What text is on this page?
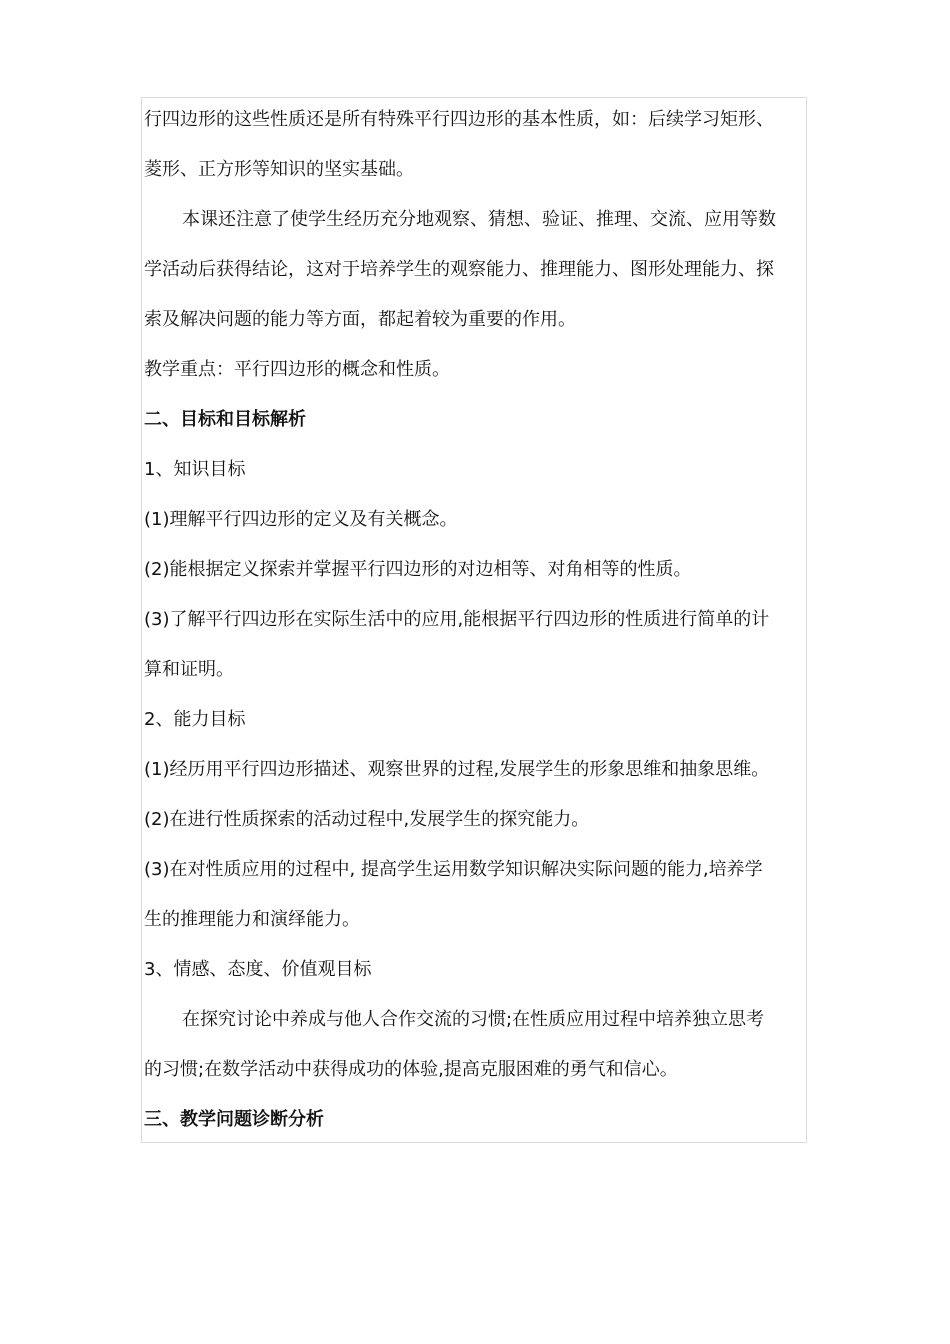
行四边形的这些性质还是所有特殊平行四边形的基本性质，如：后续学习矩形、
菱形、正方形等知识的坚实基础。
本课还注意了使学生经历充分地观察、猜想、验证、推理、交流、应用等数
学活动后获得结论，这对于培养学生的观察能力、推理能力、图形处理能力、探
索及解决问题的能力等方面，都起着较为重要的作用。
教学重点：平行四边形的概念和性质。
二、目标和目标解析
1、知识目标
(1)理解平行四边形的定义及有关概念。
(2)能根据定义探索并掌握平行四边形的对边相等、对角相等的性质。
(3)了解平行四边形在实际生活中的应用,能根据平行四边形的性质进行简单的计
算和证明。
2、能力目标
(1)经历用平行四边形描述、观察世界的过程,发展学生的形象思维和抽象思维。
(2)在进行性质探索的活动过程中,发展学生的探究能力。
(3)在对性质应用的过程中, 提高学生运用数学知识解决实际问题的能力,培养学
生的推理能力和演绎能力。
3、情感、态度、价值观目标
在探究讨论中养成与他人合作交流的习惯;在性质应用过程中培养独立思考
的习惯;在数学活动中获得成功的体验,提高克服困难的勇气和信心。
三、教学问题诊断分析
